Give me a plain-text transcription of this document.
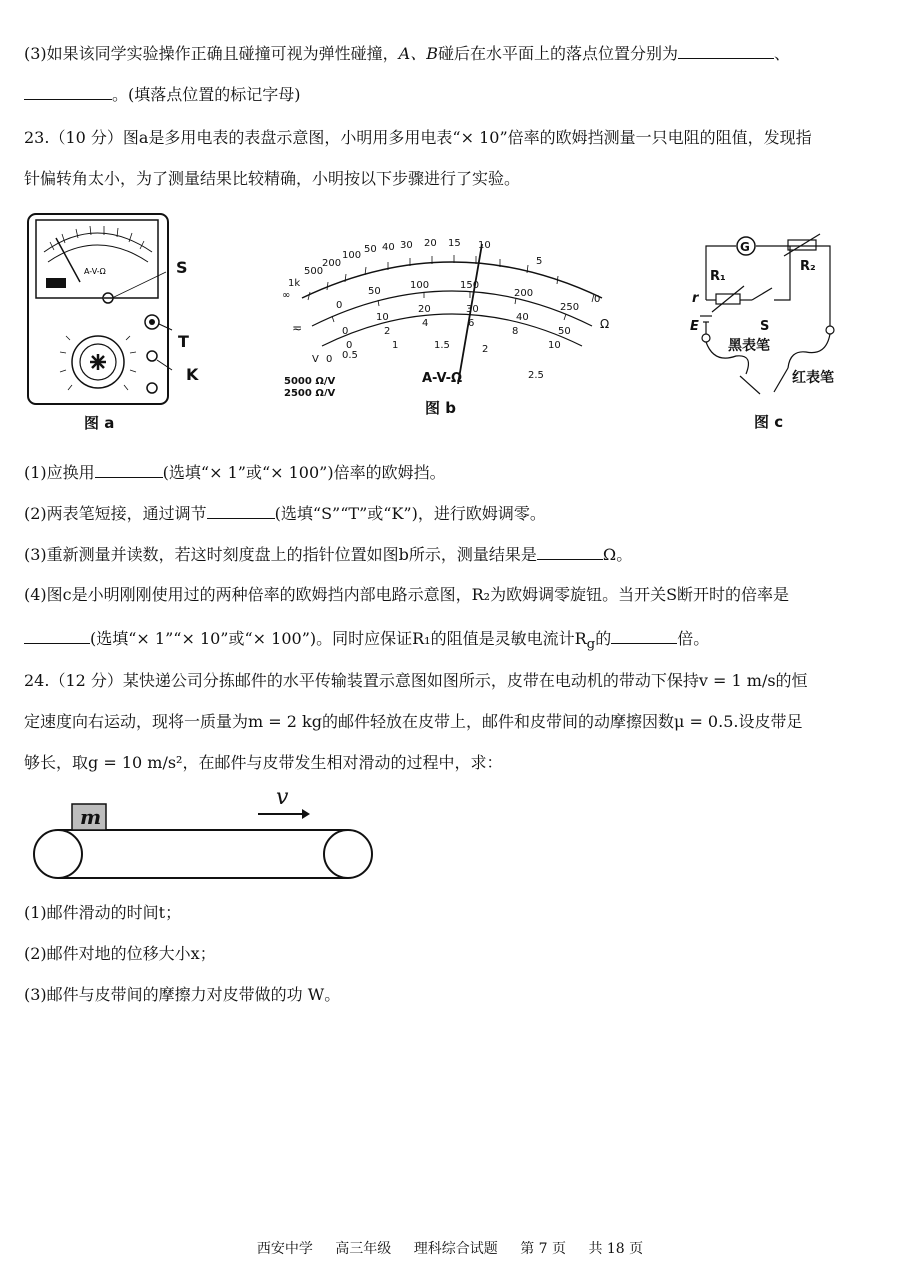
(3)如果该同学实验操作正确且碰撞可视为弹性碰撞，A、B碰后在水平面上的落点位置分别为	、
。(填落点位置的标记字母)
23.（10 分）图a是多用电表的表盘示意图，小明用多用电表“× 10”倍率的欧姆挡测量一只电阻的阻值，发现指
针偏转角太小，为了测量结果比较精确，小明按以下步骤进行了实验。
A-V-Ω	S
T
K
图 a
1k
500
200
100
50 40 30 20 15 10
5
0
∞
Ω
≂
0
50
100	150
200
250
0
10
20	30
40
50
0
2
4	6
8
10
0 0.5
1	1.5	2
2.5
V
5000 Ω/V
2500 Ω/V
A-V-Ω
图 b
G
R₂
R₁
r
E	S
黑表笔
红表笔
图 c
(1)应换用	(选填“× 1”或“× 100”)倍率的欧姆挡。
(2)两表笔短接，通过调节	(选填“S”“T”或“K”)，进行欧姆调零。
(3)重新测量并读数，若这时刻度盘上的指针位置如图b所示，测量结果是	Ω。
(4)图c是小明刚刚使用过的两种倍率的欧姆挡内部电路示意图，R₂为欧姆调零旋钮。当开关S断开时的倍率是
(选填“× 1”“× 10”或“× 100”)。同时应保证R₁的阻值是灵敏电流计$R_g$的	倍。
24.（12 分）某快递公司分拣邮件的水平传输装置示意图如图所示，皮带在电动机的带动下保持v = 1 m/s的恒
定速度向右运动，现将一质量为m = 2 kg的邮件轻放在皮带上，邮件和皮带间的动摩擦因数μ = 0.5.设皮带足
够长，取g = 10 m/s²，在邮件与皮带发生相对滑动的过程中，求：
m
v
(1)邮件滑动的时间t；
(2)邮件对地的位移大小x；
(3)邮件与皮带间的摩擦力对皮带做的功 W。
西安中学 高三年级 理科综合试题 第 7 页 共 18 页
